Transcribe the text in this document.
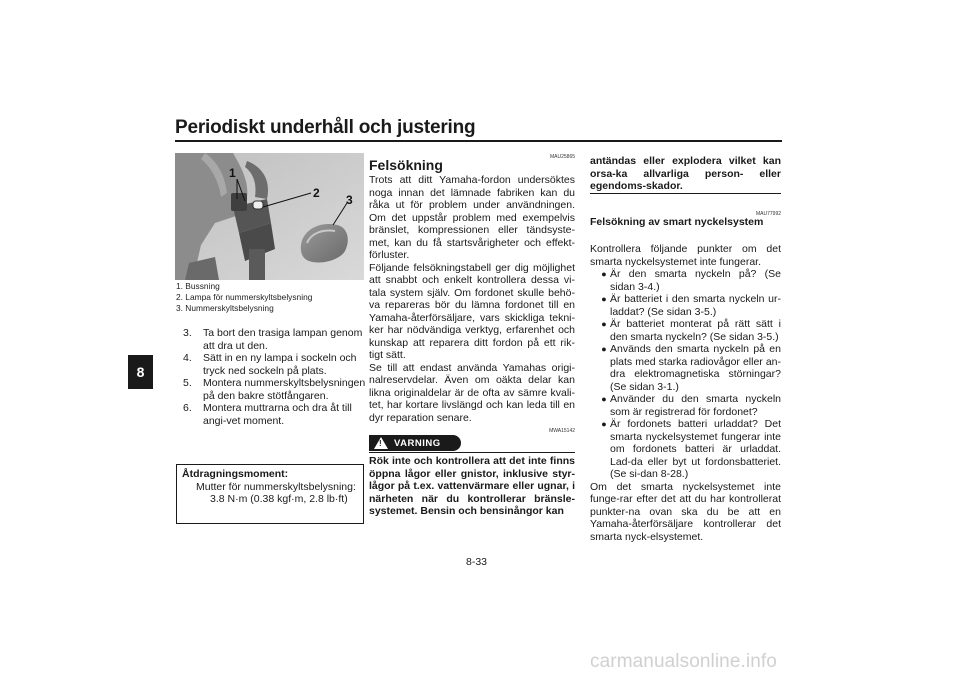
Periodiskt underhåll och justering
8
1
2 3
1. Bussning
2. Lampa för nummerskyltsbelysning
3. Nummerskyltsbelysning
3.	Ta bort den trasiga lampan genom att dra ut den.
4.	Sätt in en ny lampa i sockeln och tryck ned sockeln på plats.
5.	Montera nummerskyltsbelysningen på den bakre stötfångaren.
6.	Montera muttrarna och dra åt till angi-vet moment.
Åtdragningsmoment:
Mutter för nummerskyltsbelysning:
3.8 N·m (0.38 kgf·m, 2.8 lb·ft)
MAU25865
Felsökning
Trots att ditt Yamaha-fordon undersöktes noga innan det lämnade fabriken kan du råka ut för problem under användningen. Om det uppstår problem med exempelvis bränslet, kompressionen eller tändsyste-met, kan du få startsvårigheter och effekt-förluster.
Följande felsökningstabell ger dig möjlighet att snabbt och enkelt kontrollera dessa vi-tala system själv. Om fordonet skulle behö-va repareras bör du lämna fordonet till en Yamaha-återförsäljare, vars skickliga tekni-ker har nödvändiga verktyg, erfarenhet och kunskap att reparera ditt fordon på ett rik-tigt sätt.
Se till att endast använda Yamahas origi-nalreservdelar. Även om oäkta delar kan likna originaldelar är de ofta av sämre kvali-tet, har kortare livslängd och kan leda till en dyr reparation senare.
MWA15142
! VARNING
Rök inte och kontrollera att det inte finns öppna lågor eller gnistor, inklusive styr-lågor på t.ex. vattenvärmare eller ugnar, i närheten när du kontrollerar bränsle-systemet. Bensin och bensinångor kan
antändas eller explodera vilket kan orsa-ka allvarliga person- eller egendoms-skador.
MAU77992
Felsökning av smart nyckelsystem
Kontrollera följande punkter om det smarta nyckelsystemet inte fungerar.
● Är den smarta nyckeln på? (Se sidan 3-4.)
● Är batteriet i den smarta nyckeln ur-laddat? (Se sidan 3-5.)
● Är batteriet monterat på rätt sätt i den smarta nyckeln? (Se sidan 3-5.)
● Används den smarta nyckeln på en plats med starka radiovågor eller an-dra elektromagnetiska störningar? (Se sidan 3-1.)
● Använder du den smarta nyckeln som är registrerad för fordonet?
● Är fordonets batteri urladdat? Det smarta nyckelsystemet fungerar inte om fordonets batteri är urladdat. Lad-da eller byt ut fordonsbatteriet. (Se si-dan 8-28.)
Om det smarta nyckelsystemet inte funge-rar efter det att du har kontrollerat punkter-na ovan ska du be att en Yamaha-återförsäljare kontrollerar det smarta nyck-elsystemet.
8-33
carmanualsonline.info
